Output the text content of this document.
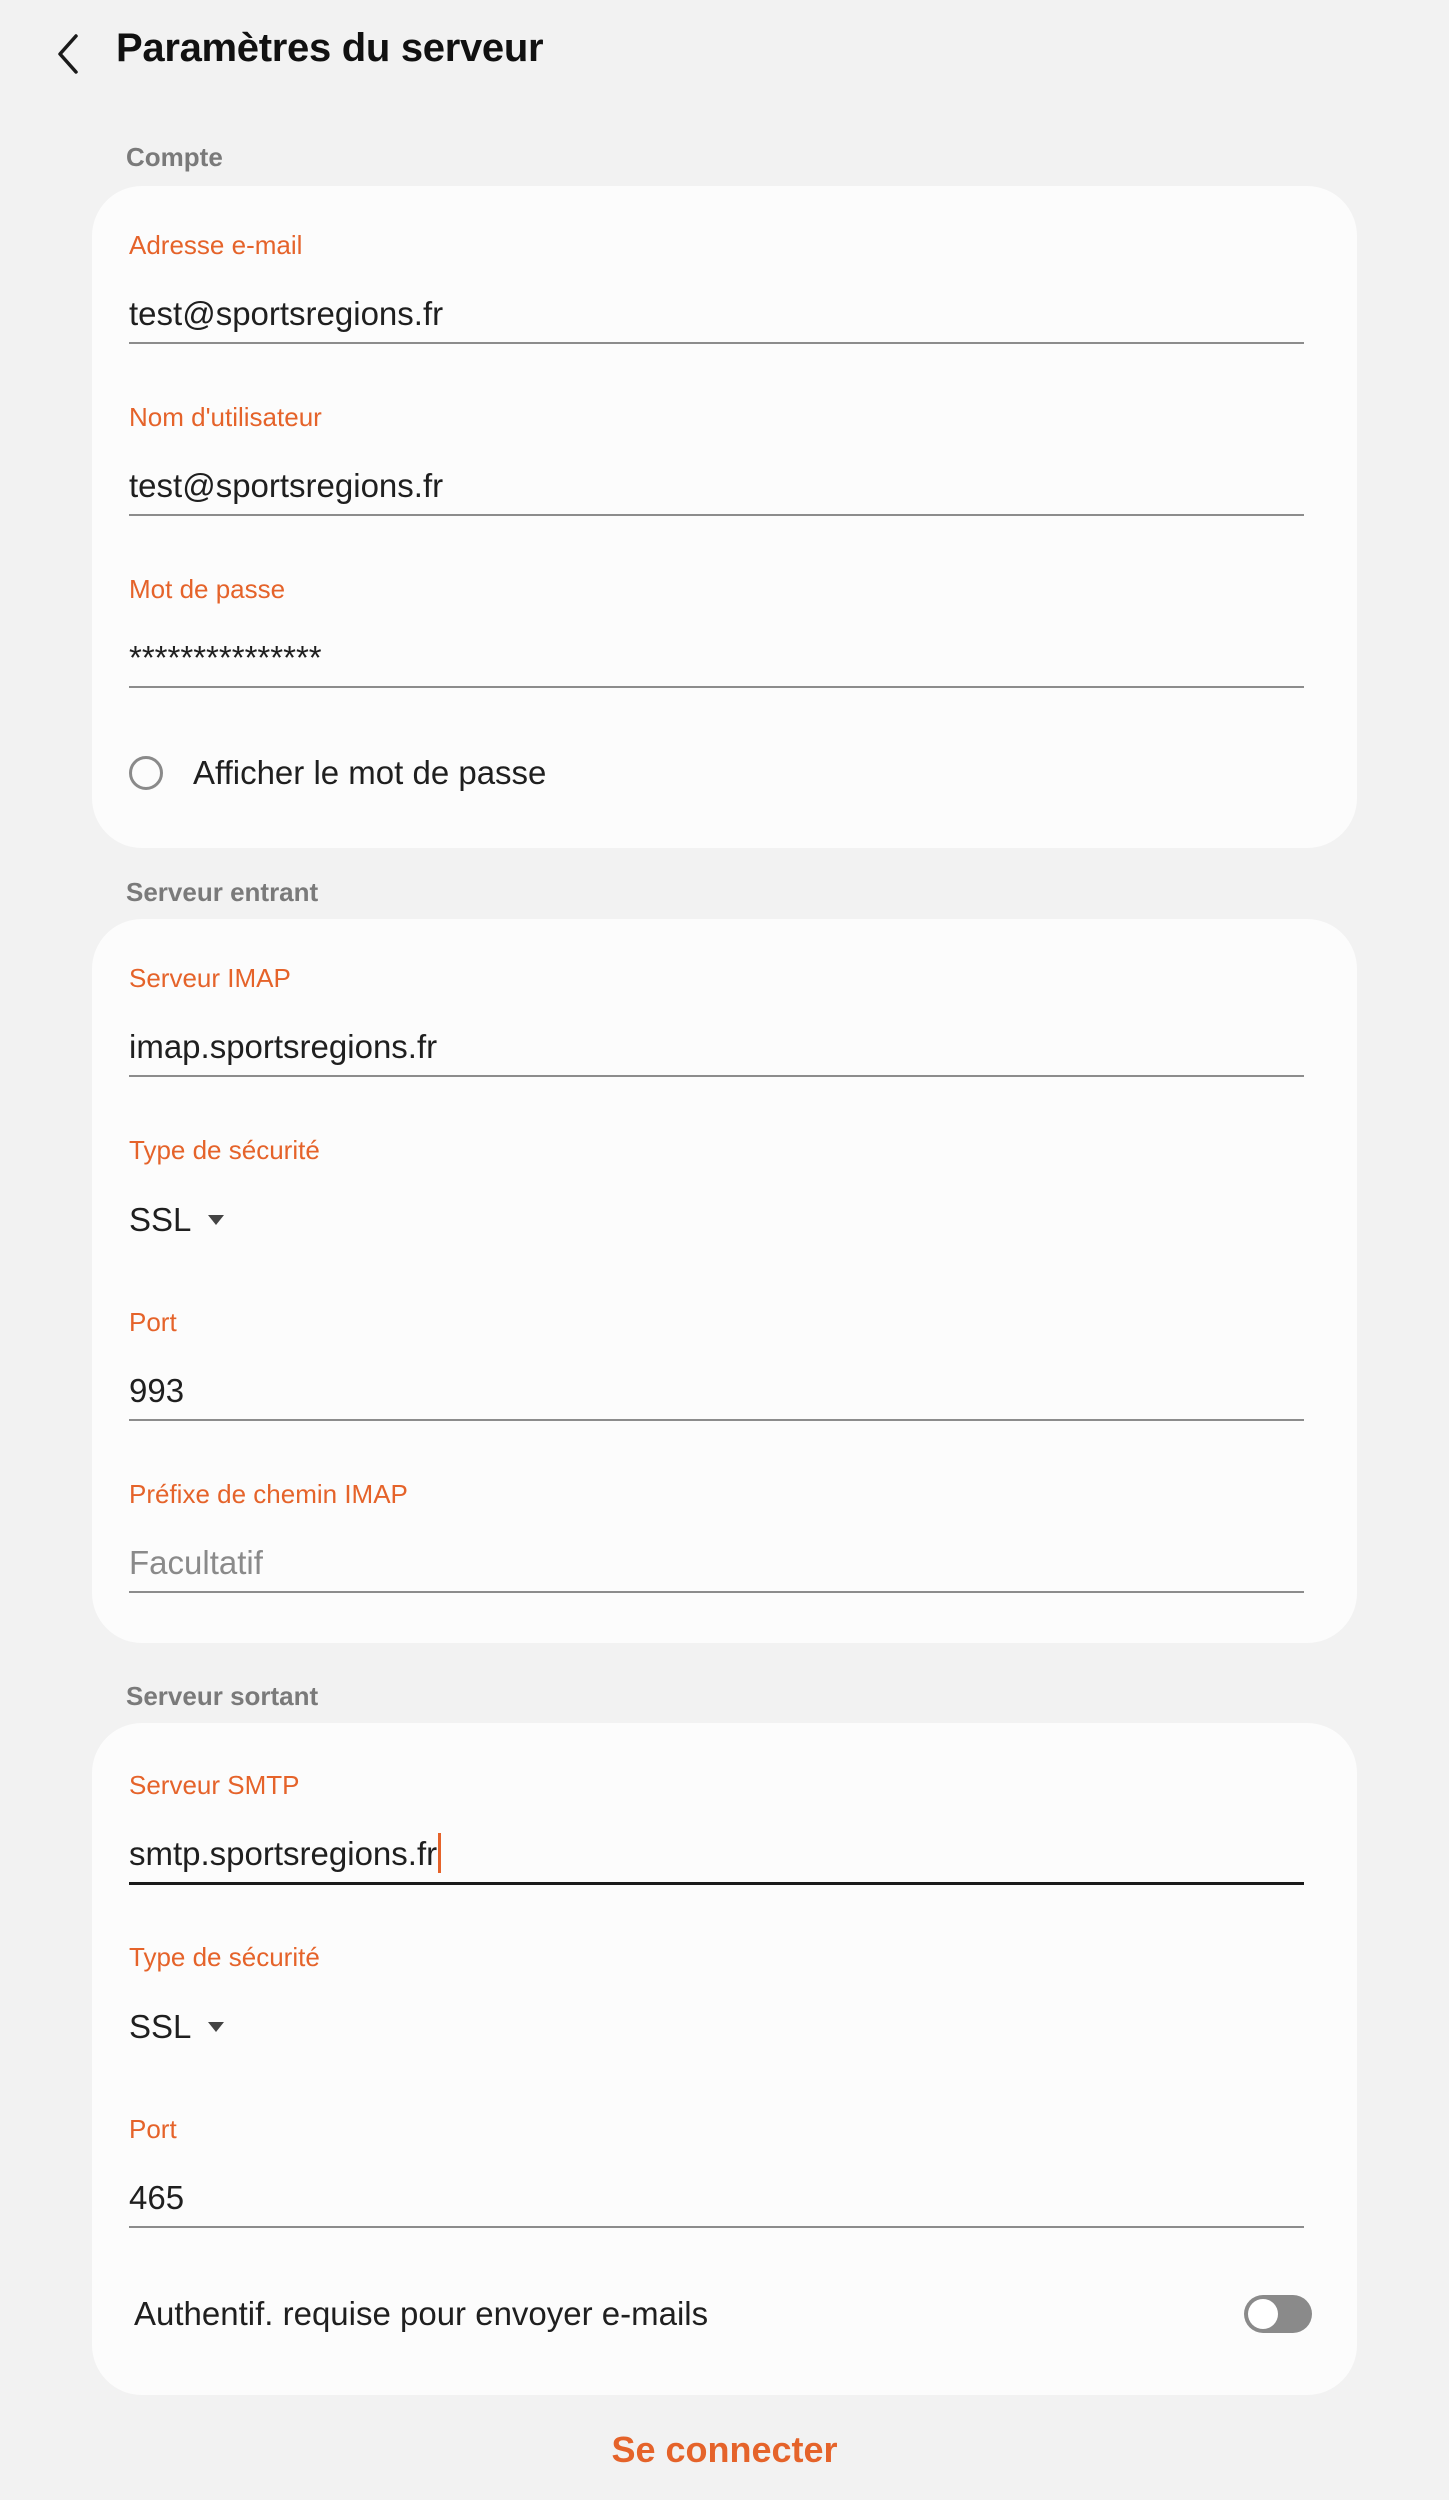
Paramètres du serveur
Compte
Adresse e-mail
test@sportsregions.fr
Nom d'utilisateur
test@sportsregions.fr
Mot de passe
***************
Afficher le mot de passe
Serveur entrant
Serveur IMAP
imap.sportsregions.fr
Type de sécurité
SSL
Port
993
Préfixe de chemin IMAP
Facultatif
Serveur sortant
Serveur SMTP
smtp.sportsregions.fr
Type de sécurité
SSL
Port
465
Authentif. requise pour envoyer e-mails
Se connecter
